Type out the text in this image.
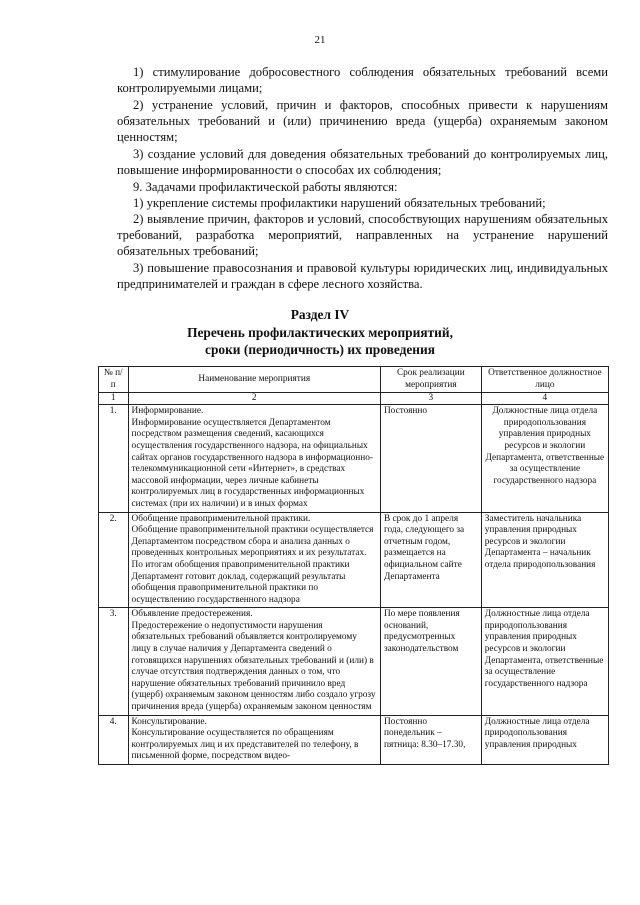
21

1) стимулирование добросовестного соблюдения обязательных требований всеми контролируемыми лицами;

2) устранение условий, причин и факторов, способных привести к нарушениям обязательных требований и (или) причинению вреда (ущерба) охраняемым законом ценностям;

3) создание условий для доведения обязательных требований до контролируемых лиц, повышение информированности о способах их соблюдения;

9. Задачами профилактической работы являются:

1) укрепление системы профилактики нарушений обязательных требований;

2) выявление причин, факторов и условий, способствующих нарушениям обязательных требований, разработка мероприятий, направленных на устранение нарушений обязательных требований;

3) повышение правосознания и правовой культуры юридических лиц, индивидуальных предпринимателей и граждан в сфере лесного хозяйства.

Раздел IV
Перечень профилактических мероприятий,
сроки (периодичность) их проведения
№ п/п	Наименование мероприятия	Срок реализации мероприятия	Ответственное должностное лицо
1	2	3	4
1.	Информирование.
Информирование осуществляется Департаментом посредством размещения сведений, касающихся осуществления государственного надзора, на официальных сайтах органов государственного надзора в информационно-телекоммуникационной сети «Интернет», в средствах массовой информации, через личные кабинеты контролируемых лиц в государственных информационных системах (при их наличии) и в иных формах	Постоянно	Должностные лица отдела природопользования управления природных ресурсов и экологии Департамента, ответственные за осуществление государственного надзора
2.	Обобщение правоприменительной практики.
Обобщение правоприменительной практики осуществляется Департаментом посредством сбора и анализа данных о проведенных контрольных мероприятиях и их результатах.
По итогам обобщения правоприменительной практики Департамент готовит доклад, содержащий результаты обобщения правоприменительной практики по осуществлению государственного надзора	В срок до 1 апреля года, следующего за отчетным годом, размещается на официальном сайте Департамента	Заместитель начальника управления природных ресурсов и экологии Департамента – начальник отдела природопользования
3.	Объявление предостережения.
Предостережение о недопустимости нарушения обязательных требований объявляется контролируемому лицу в случае наличия у Департамента сведений о готовящихся нарушениях обязательных требований и (или) в случае отсутствия подтверждения данных о том, что нарушение обязательных требований причинило вред (ущерб) охраняемым законом ценностям либо создало угрозу причинения вреда (ущерба) охраняемым законом ценностям	По мере появления оснований, предусмотренных законодательством	Должностные лица отдела природопользования управления природных ресурсов и экологии Департамента, ответственные за осуществление государственного надзора
4.	Консультирование.
Консультирование осуществляется по обращениям контролируемых лиц и их представителей по телефону, в письменной форме, посредством видео-	Постоянно понедельник – пятница: 8.30–17.30,	Должностные лица отдела природопользования управления природных
